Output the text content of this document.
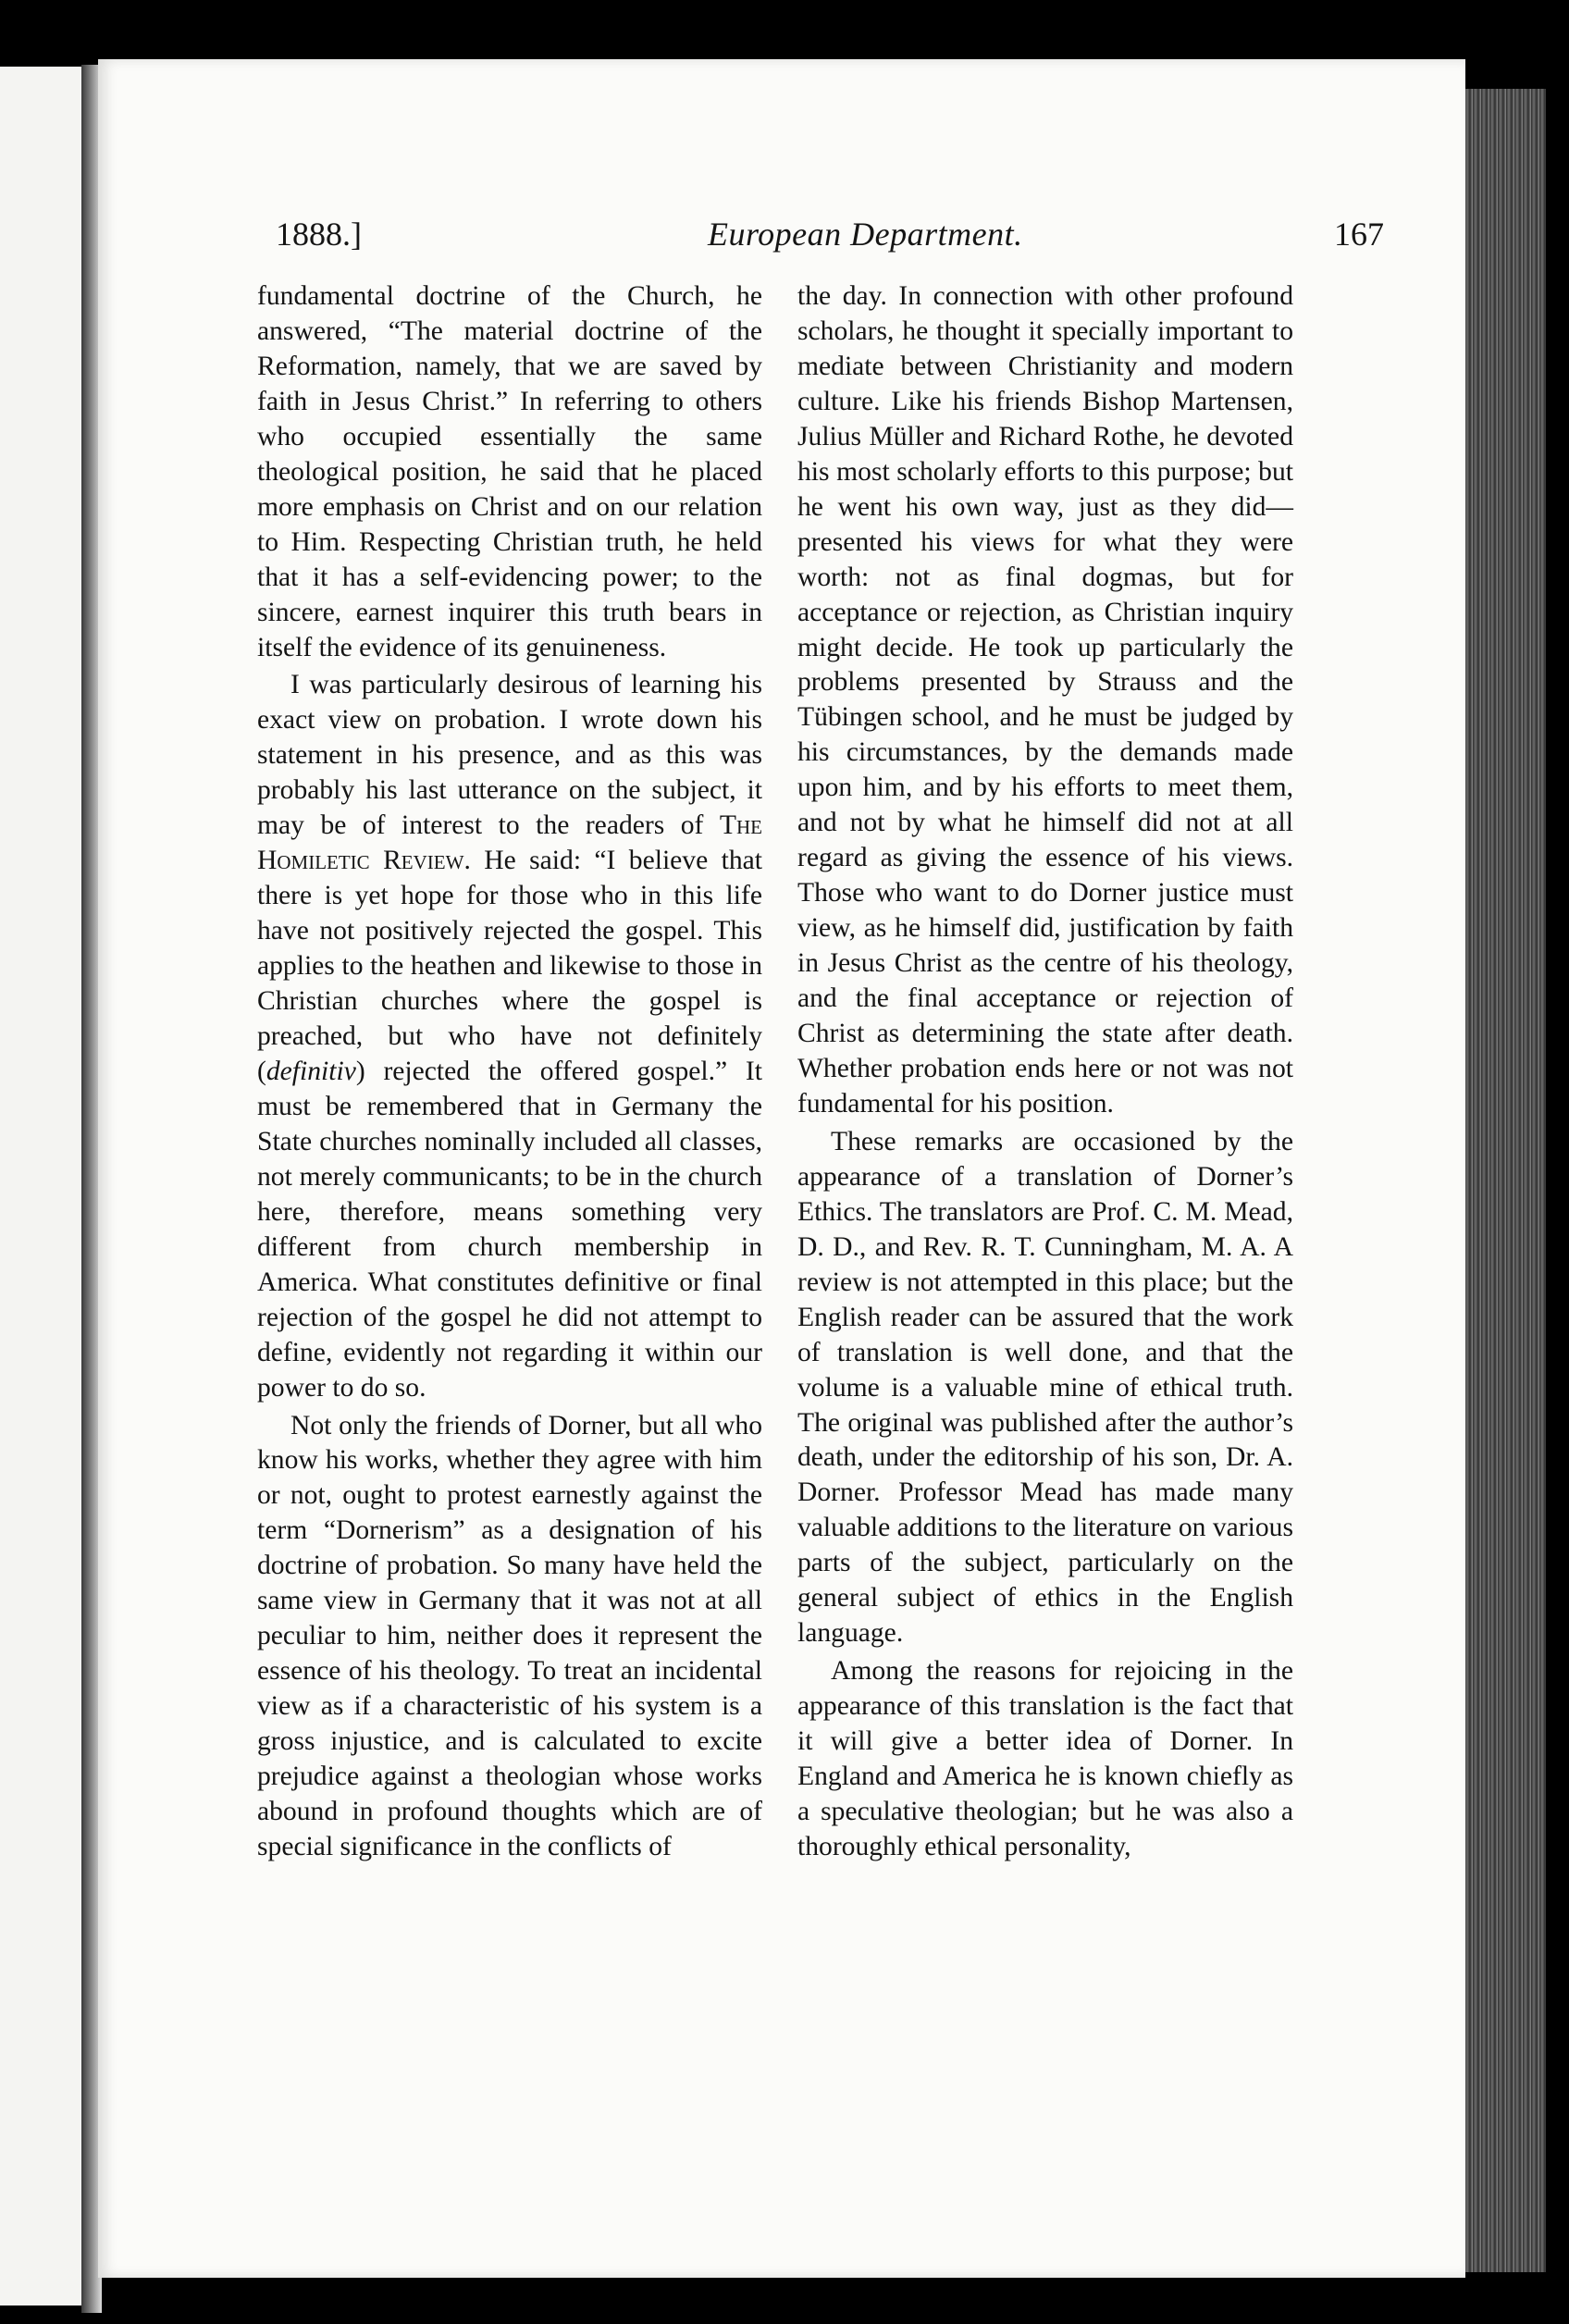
1888.]	European Department.	167

fundamental doctrine of the Church, he answered, “The material doctrine of the Reformation, namely, that we are saved by faith in Jesus Christ.” In referring to others who occupied essentially the same theological position, he said that he placed more emphasis on Christ and on our relation to Him. Respecting Christian truth, he held that it has a self-evidencing power; to the sincere, earnest inquirer this truth bears in itself the evidence of its genuineness.

I was particularly desirous of learning his exact view on probation. I wrote down his statement in his presence, and as this was probably his last utterance on the subject, it may be of interest to the readers of The Homiletic Review. He said: “I believe that there is yet hope for those who in this life have not positively rejected the gospel. This applies to the heathen and likewise to those in Christian churches where the gospel is preached, but who have not definitely (definitiv) rejected the offered gospel.” It must be remembered that in Germany the State churches nominally included all classes, not merely communicants; to be in the church here, therefore, means something very different from church membership in America. What constitutes definitive or final rejection of the gospel he did not attempt to define, evidently not regarding it within our power to do so.

Not only the friends of Dorner, but all who know his works, whether they agree with him or not, ought to protest earnestly against the term “Dornerism” as a designation of his doctrine of probation. So many have held the same view in Germany that it was not at all peculiar to him, neither does it represent the essence of his theology. To treat an incidental view as if a characteristic of his system is a gross injustice, and is calculated to excite prejudice against a theologian whose works abound in profound thoughts which are of special significance in the conflicts of

the day. In connection with other profound scholars, he thought it specially important to mediate between Christianity and modern culture. Like his friends Bishop Martensen, Julius Müller and Richard Rothe, he devoted his most scholarly efforts to this purpose; but he went his own way, just as they did—presented his views for what they were worth: not as final dogmas, but for acceptance or rejection, as Christian inquiry might decide. He took up particularly the problems presented by Strauss and the Tübingen school, and he must be judged by his circumstances, by the demands made upon him, and by his efforts to meet them, and not by what he himself did not at all regard as giving the essence of his views. Those who want to do Dorner justice must view, as he himself did, justification by faith in Jesus Christ as the centre of his theology, and the final acceptance or rejection of Christ as determining the state after death. Whether probation ends here or not was not fundamental for his position.

These remarks are occasioned by the appearance of a translation of Dorner’s Ethics. The translators are Prof. C. M. Mead, D. D., and Rev. R. T. Cunningham, M. A. A review is not attempted in this place; but the English reader can be assured that the work of translation is well done, and that the volume is a valuable mine of ethical truth. The original was published after the author’s death, under the editorship of his son, Dr. A. Dorner. Professor Mead has made many valuable additions to the literature on various parts of the subject, particularly on the general subject of ethics in the English language.

Among the reasons for rejoicing in the appearance of this translation is the fact that it will give a better idea of Dorner. In England and America he is known chiefly as a speculative theologian; but he was also a thoroughly ethical personality,
